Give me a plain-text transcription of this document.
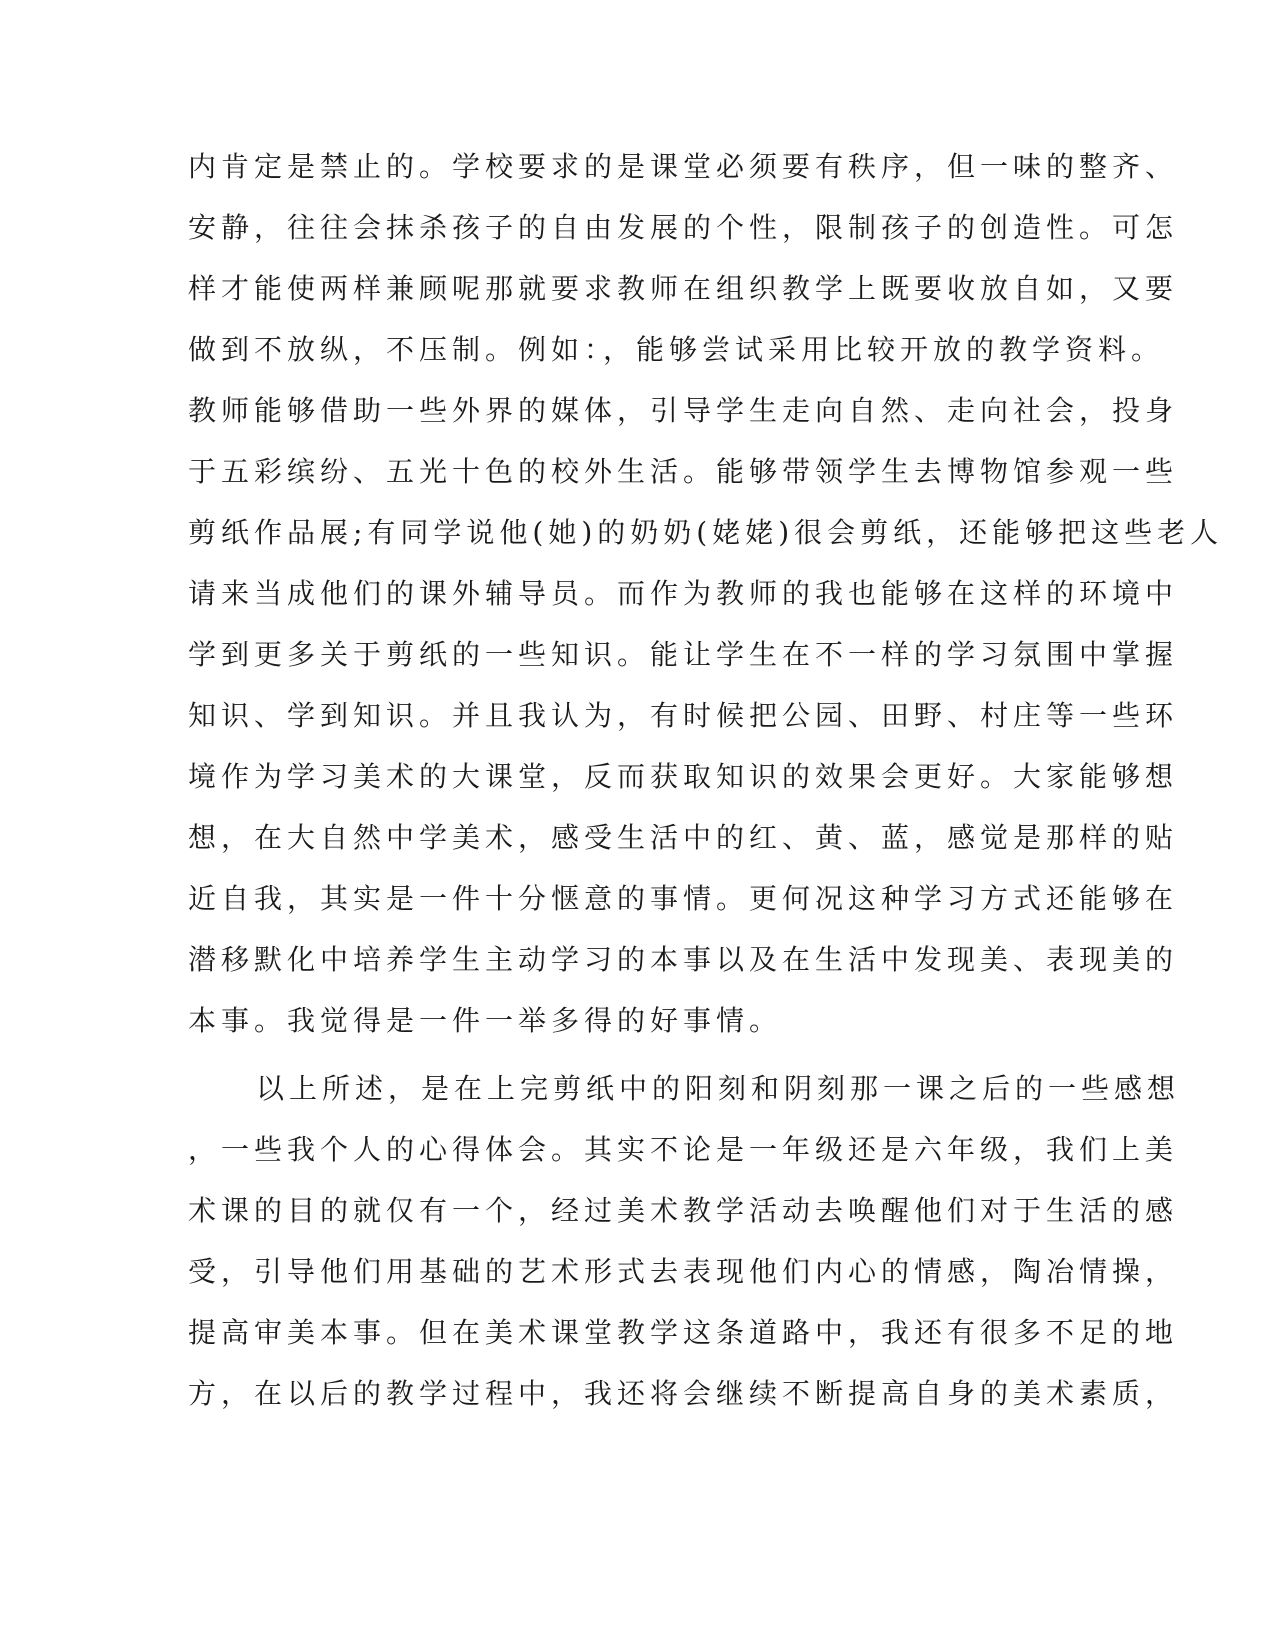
内肯定是禁止的。学校要求的是课堂必须要有秩序，但一味的整齐、
安静，往往会抹杀孩子的自由发展的个性，限制孩子的创造性。可怎
样才能使两样兼顾呢那就要求教师在组织教学上既要收放自如，又要
做到不放纵，不压制。例如：，能够尝试采用比较开放的教学资料。
教师能够借助一些外界的媒体，引导学生走向自然、走向社会，投身
于五彩缤纷、五光十色的校外生活。能够带领学生去博物馆参观一些
剪纸作品展;有同学说他(她)的奶奶(姥姥)很会剪纸，还能够把这些老人
请来当成他们的课外辅导员。而作为教师的我也能够在这样的环境中
学到更多关于剪纸的一些知识。能让学生在不一样的学习氛围中掌握
知识、学到知识。并且我认为，有时候把公园、田野、村庄等一些环
境作为学习美术的大课堂，反而获取知识的效果会更好。大家能够想
想，在大自然中学美术，感受生活中的红、黄、蓝，感觉是那样的贴
近自我，其实是一件十分惬意的事情。更何况这种学习方式还能够在
潜移默化中培养学生主动学习的本事以及在生活中发现美、表现美的
本事。我觉得是一件一举多得的好事情。
以上所述，是在上完剪纸中的阳刻和阴刻那一课之后的一些感想
，一些我个人的心得体会。其实不论是一年级还是六年级，我们上美
术课的目的就仅有一个，经过美术教学活动去唤醒他们对于生活的感
受，引导他们用基础的艺术形式去表现他们内心的情感，陶冶情操，
提高审美本事。但在美术课堂教学这条道路中，我还有很多不足的地
方，在以后的教学过程中，我还将会继续不断提高自身的美术素质，
